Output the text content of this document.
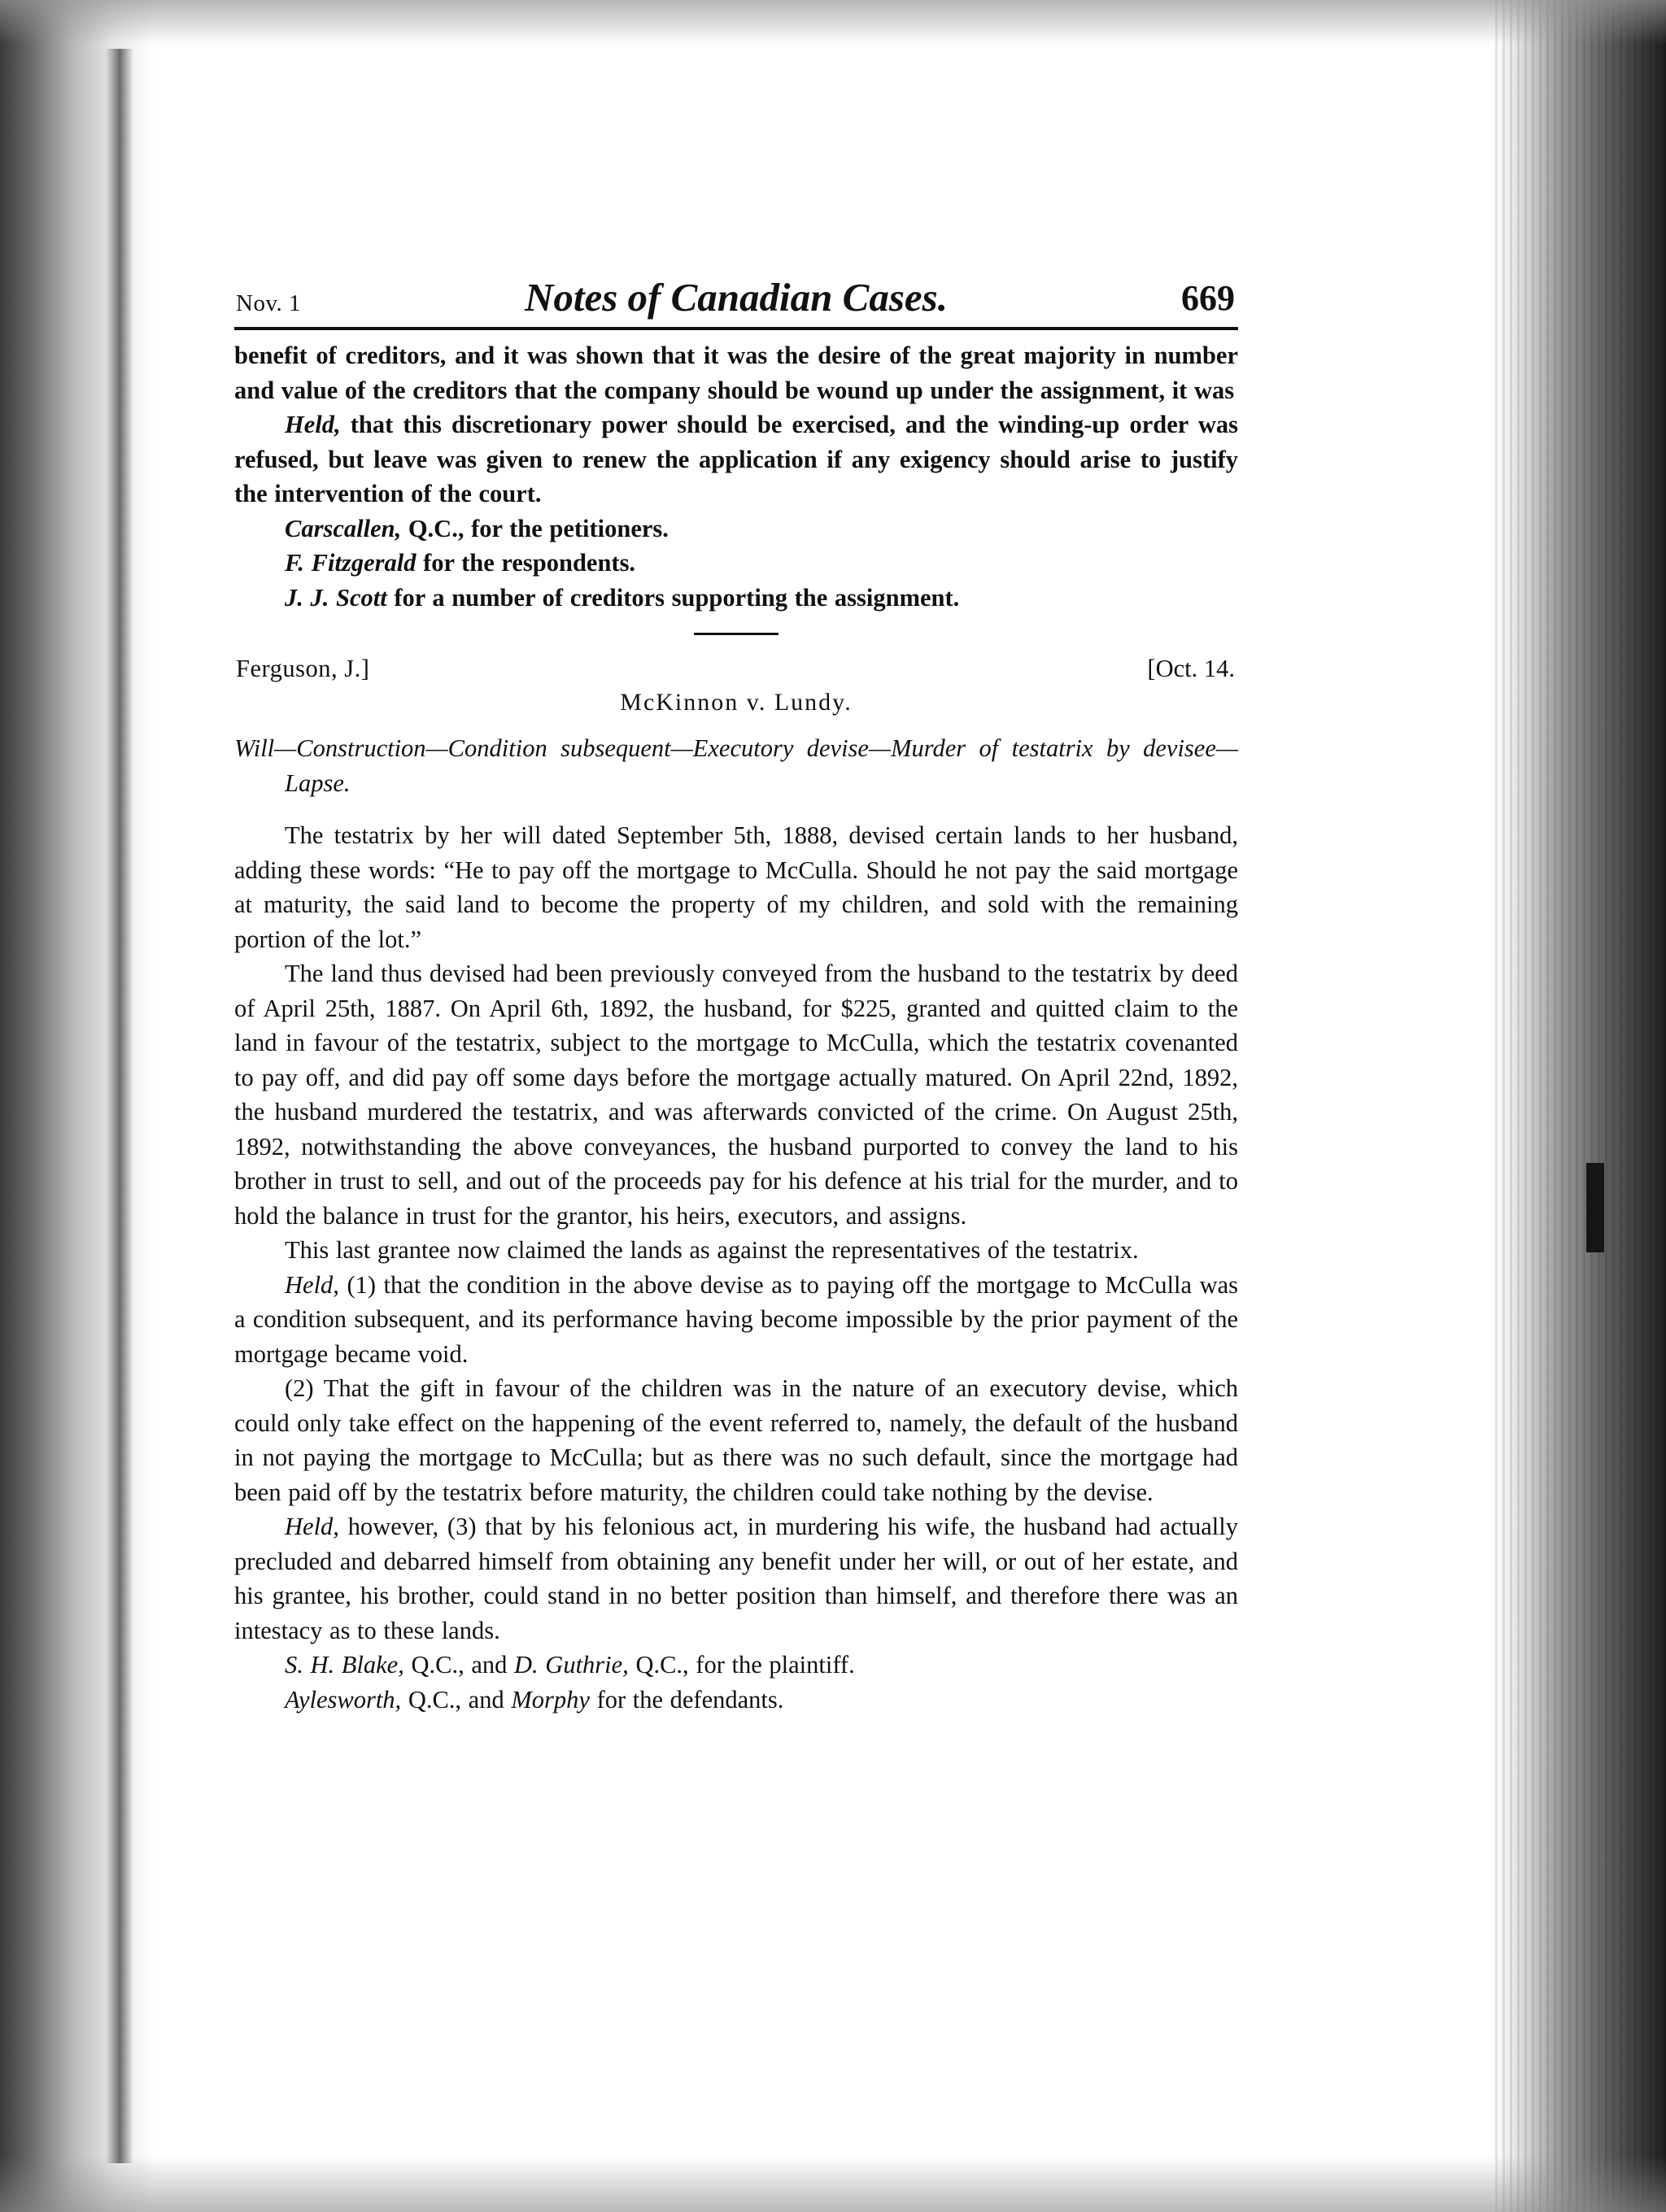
Nov. 1	Notes of Canadian Cases.	669

benefit of creditors, and it was shown that it was the desire of the great majority in number and value of the creditors that the company should be wound up under the assignment, it was

Held, that this discretionary power should be exercised, and the winding-up order was refused, but leave was given to renew the application if any exigency should arise to justify the intervention of the court.

Carscallen, Q.C., for the petitioners.

F. Fitzgerald for the respondents.

J. J. Scott for a number of creditors supporting the assignment.

Ferguson, J.]	[Oct. 14.
McKinnon v. Lundy.
Will—Construction—Condition subsequent—Executory devise—Murder of testatrix by devisee—Lapse.

The testatrix by her will dated September 5th, 1888, devised certain lands to her husband, adding these words: “He to pay off the mortgage to McCulla. Should he not pay the said mortgage at maturity, the said land to become the property of my children, and sold with the remaining portion of the lot.”

The land thus devised had been previously conveyed from the husband to the testatrix by deed of April 25th, 1887. On April 6th, 1892, the husband, for $225, granted and quitted claim to the land in favour of the testatrix, subject to the mortgage to McCulla, which the testatrix covenanted to pay off, and did pay off some days before the mortgage actually matured. On April 22nd, 1892, the husband murdered the testatrix, and was afterwards convicted of the crime. On August 25th, 1892, notwithstanding the above conveyances, the husband purported to convey the land to his brother in trust to sell, and out of the proceeds pay for his defence at his trial for the murder, and to hold the balance in trust for the grantor, his heirs, executors, and assigns.

This last grantee now claimed the lands as against the representatives of the testatrix.

Held, (1) that the condition in the above devise as to paying off the mortgage to McCulla was a condition subsequent, and its performance having become impossible by the prior payment of the mortgage became void.

(2) That the gift in favour of the children was in the nature of an executory devise, which could only take effect on the happening of the event referred to, namely, the default of the husband in not paying the mortgage to McCulla; but as there was no such default, since the mortgage had been paid off by the testatrix before maturity, the children could take nothing by the devise.

Held, however, (3) that by his felonious act, in murdering his wife, the husband had actually precluded and debarred himself from obtaining any benefit under her will, or out of her estate, and his grantee, his brother, could stand in no better position than himself, and therefore there was an intestacy as to these lands.

S. H. Blake, Q.C., and D. Guthrie, Q.C., for the plaintiff.

Aylesworth, Q.C., and Morphy for the defendants.
